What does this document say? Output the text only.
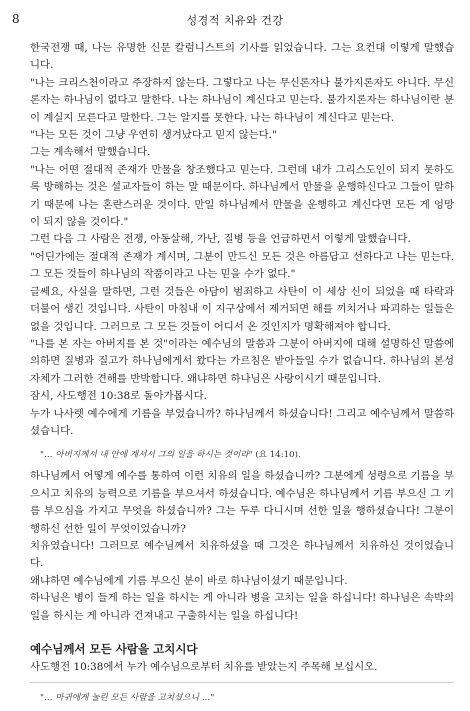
8	성경적 치유와 건강

한국전쟁 때, 나는 유명한 신문 칼럼니스트의 기사를 읽었습니다. 그는 요컨대 이렇게 말했습니다.

"나는 크리스천이라고 주장하지 않는다. 그렇다고 나는 무신론자나 불가지론자도 아니다. 무신론자는 하나님이 없다고 말한다. 나는 하나님이 계신다고 믿는다. 불가지론자는 하나님이란 분이 계실지 모른다고 말한다. 그는 알지를 못한다. 나는 하나님이 계신다고 믿는다.

"나는 모든 것이 그냥 우연히 생겨났다고 믿지 않는다."

그는 계속해서 말했습니다.

"나는 어떤 절대적 존재가 만물을 창조했다고 믿는다. 그런데 내가 그리스도인이 되지 못하도록 방해하는 것은 설교자들이 하는 말 때문이다. 하나님께서 만물을 운행하신다고 그들이 말하기 때문에 나는 혼란스러운 것이다. 만일 하나님께서 만물을 운행하고 계신다면 모든 게 엉망이 되지 않을 것이다."

그런 다음 그 사람은 전쟁, 아동살해, 가난, 질병 등을 언급하면서 이렇게 말했습니다.

"어딘가에는 절대적 존재가 계시며, 그분이 만드신 모든 것은 아름답고 선하다고 나는 믿는다. 그 모든 것들이 하나님의 작품이라고 나는 믿을 수가 없다."

글쎄요, 사실을 말하면, 그런 것들은 아담이 범죄하고 사탄이 이 세상 신이 되었을 때 타락과 더불어 생긴 것입니다. 사탄이 마침내 이 지구상에서 제거되면 해를 끼치거나 파괴하는 일들은 없을 것입니다. 그러므로 그 모든 것들이 어디서 온 것인지가 명확해져야 합니다.

"나를 본 자는 아버지를 본 것"이라는 예수님의 말씀과 그분이 아버지에 대해 설명하신 말씀에 의하면 질병과 질고가 하나님에게서 왔다는 가르침은 받아들일 수가 없습니다. 하나님의 본성 자체가 그러한 견해를 반박합니다. 왜냐하면 하나님은 사랑이시기 때문입니다.

잠시, 사도행전 10:38로 돌아가봅시다.

누가 나사렛 예수에게 기름을 부었습니까? 하나님께서 하셨습니다! 그리고 예수님께서 말씀하셨습니다.

"… 아버지께서 내 안에 계셔서 그의 일을 하시는 것이라" (요 14:10).

하나님께서 어떻게 예수를 통하여 이런 치유의 일을 하셨습니까? 그분에게 성령으로 기름을 부으시고 치유의 능력으로 기름을 부으셔서 하셨습니다. 예수님은 하나님께서 기름 부으신 그 기름 부으심을 가지고 무엇을 하셨습니까? 그는 두루 다니시며 선한 일을 행하셨습니다! 그분이 행하신 선한 일이 무엇이었습니까?

치유였습니다! 그러므로 예수님께서 치유하셨을 때 그것은 하나님께서 치유하신 것이었습니다.

왜냐하면 예수님에게 기름 부으신 분이 바로 하나님이셨기 때문입니다.

하나님은 병이 들게 하는 일을 하시는 게 아니라 병을 고치는 일을 하십니다! 하나님은 속박의 일을 하시는 게 아니라 건져내고 구출하시는 일을 하십니다!

예수님께서 모든 사람을 고치시다

사도행전 10:38에서 누가 예수님으로부터 치유를 받았는지 주목해 보십시오.

"… 마귀에게 눌린 모든 사람을 고치셨으니 …"
